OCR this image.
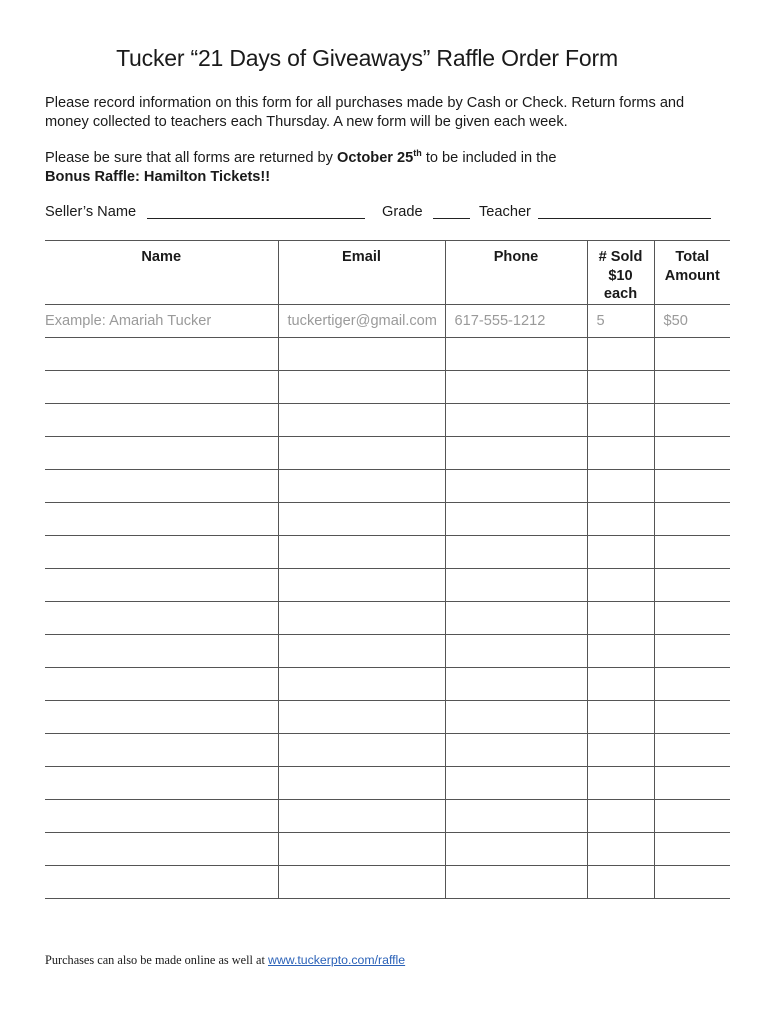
Tucker “21 Days of Giveaways” Raffle Order Form
Please record information on this form for all purchases made by Cash or Check. Return forms and
money collected to teachers each Thursday. A new form will be given each week.
Please be sure that all forms are returned by October 25th to be included in the
Bonus Raffle: Hamilton Tickets!!
Seller’s Name	Grade	Teacher
Name	Email	Phone	# Sold
$10
each	Total
Amount
Example: Amariah Tucker	tuckertiger@gmail.com	617-555-1212	5	$50

Purchases can also be made online as well at www.tuckerpto.com/raffle
